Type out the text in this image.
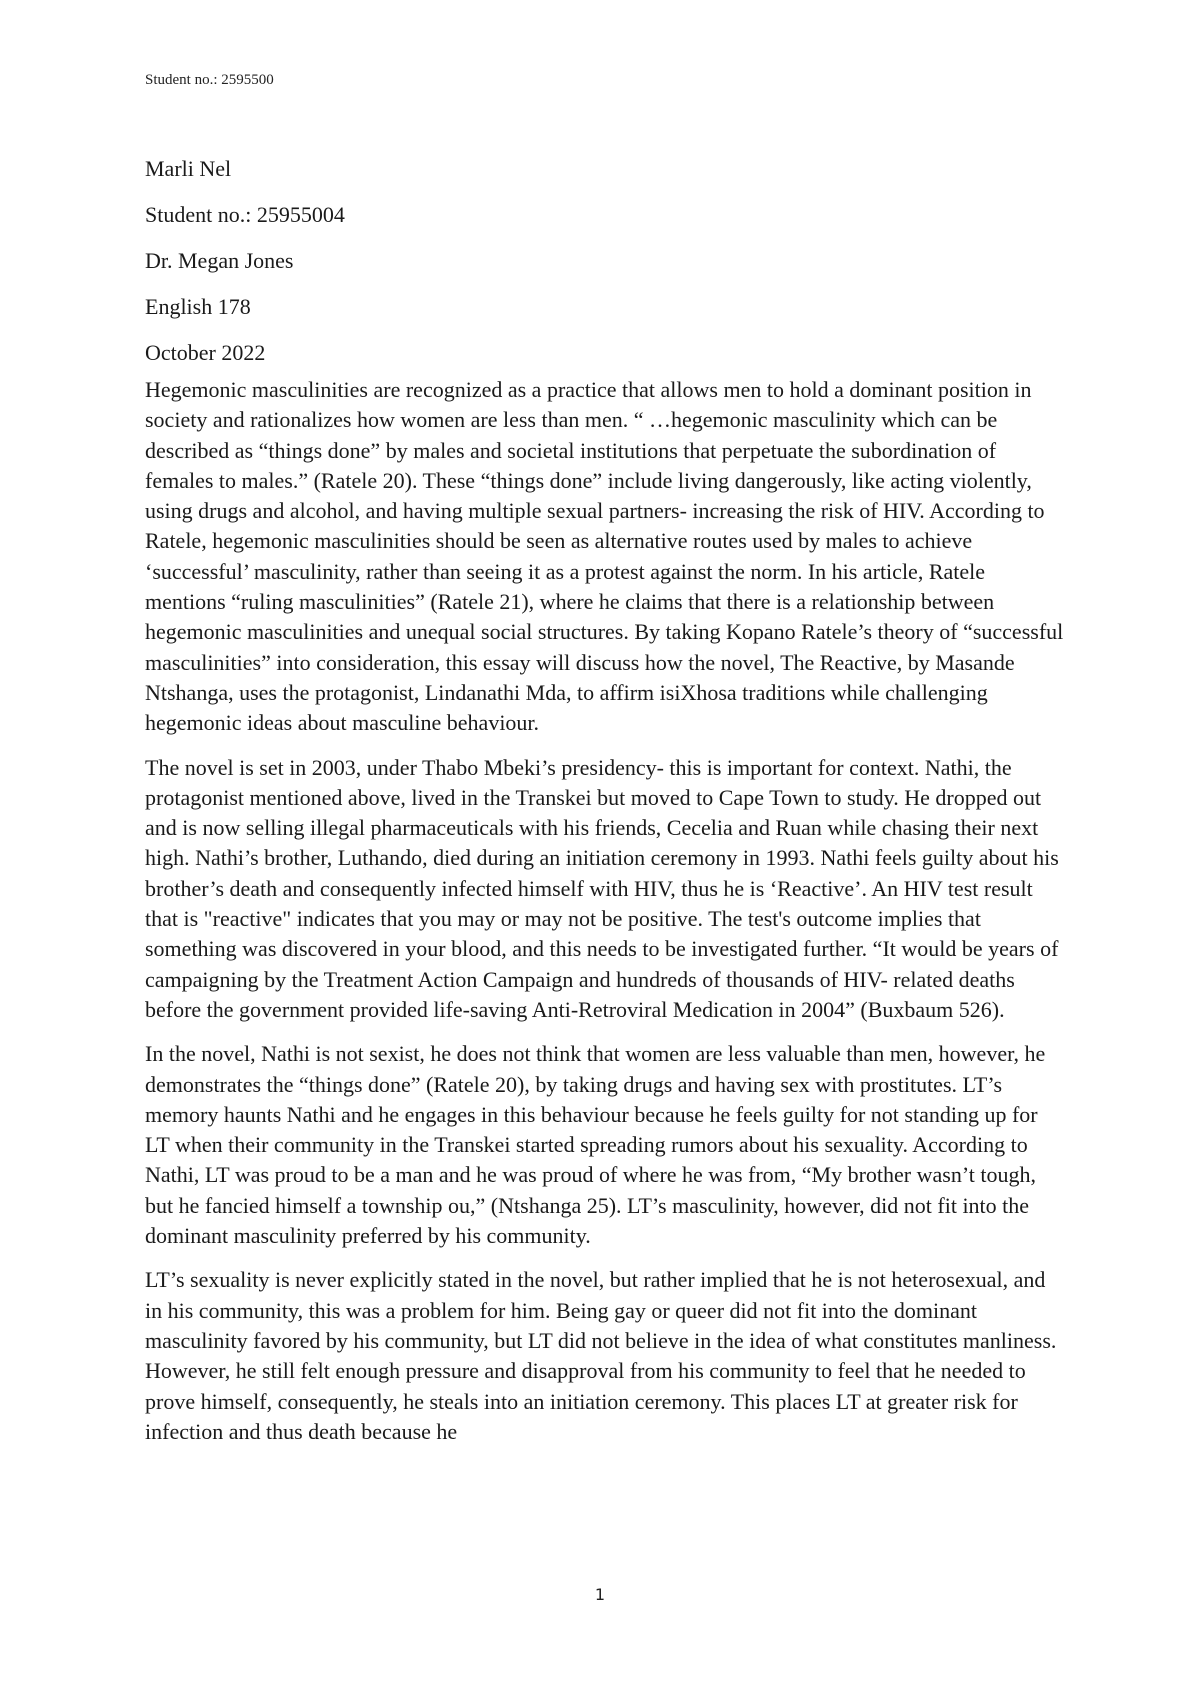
Student no.: 2595500
Marli Nel
Student no.: 25955004
Dr. Megan Jones
English 178
October 2022

Hegemonic masculinities are recognized as a practice that allows men to hold a dominant position in society and rationalizes how women are less than men. “ …hegemonic masculinity which can be described as “things done” by males and societal institutions that perpetuate the subordination of females to males.” (Ratele 20). These “things done” include living dangerously, like acting violently, using drugs and alcohol, and having multiple sexual partners- increasing the risk of HIV. According to Ratele, hegemonic masculinities should be seen as alternative routes used by males to achieve ‘successful’ masculinity, rather than seeing it as a protest against the norm. In his article, Ratele mentions “ruling masculinities” (Ratele 21), where he claims that there is a relationship between hegemonic masculinities and unequal social structures. By taking Kopano Ratele’s theory of “successful masculinities” into consideration, this essay will discuss how the novel, The Reactive, by Masande Ntshanga, uses the protagonist, Lindanathi Mda, to affirm isiXhosa traditions while challenging hegemonic ideas about masculine behaviour.

The novel is set in 2003, under Thabo Mbeki’s presidency- this is important for context. Nathi, the protagonist mentioned above, lived in the Transkei but moved to Cape Town to study. He dropped out and is now selling illegal pharmaceuticals with his friends, Cecelia and Ruan while chasing their next high. Nathi’s brother, Luthando, died during an initiation ceremony in 1993. Nathi feels guilty about his brother’s death and consequently infected himself with HIV, thus he is ‘Reactive’. An HIV test result that is "reactive" indicates that you may or may not be positive. The test's outcome implies that something was discovered in your blood, and this needs to be investigated further. “It would be years of campaigning by the Treatment Action Campaign and hundreds of thousands of HIV- related deaths before the government provided life-saving Anti-Retroviral Medication in 2004” (Buxbaum 526).

In the novel, Nathi is not sexist, he does not think that women are less valuable than men, however, he demonstrates the “things done” (Ratele 20), by taking drugs and having sex with prostitutes. LT’s memory haunts Nathi and he engages in this behaviour because he feels guilty for not standing up for LT when their community in the Transkei started spreading rumors about his sexuality. According to Nathi, LT was proud to be a man and he was proud of where he was from, “My brother wasn’t tough, but he fancied himself a township ou,” (Ntshanga 25). LT’s masculinity, however, did not fit into the dominant masculinity preferred by his community.

LT’s sexuality is never explicitly stated in the novel, but rather implied that he is not heterosexual, and in his community, this was a problem for him. Being gay or queer did not fit into the dominant masculinity favored by his community, but LT did not believe in the idea of what constitutes manliness. However, he still felt enough pressure and disapproval from his community to feel that he needed to prove himself, consequently, he steals into an initiation ceremony. This places LT at greater risk for infection and thus death because he

1
